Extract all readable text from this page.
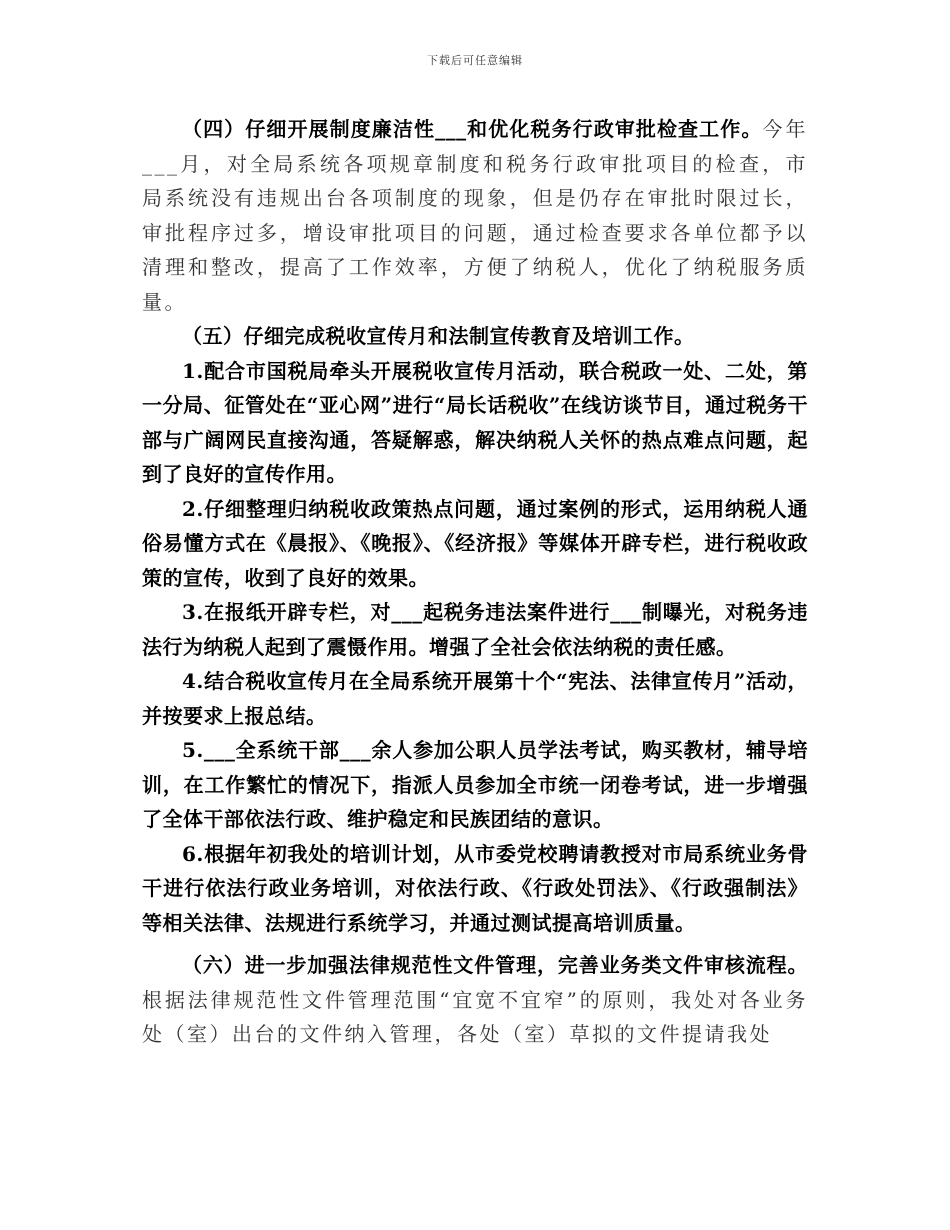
下载后可任意编辑

（四）仔细开展制度廉洁性___和优化税务行政审批检查工作。今年___月，对全局系统各项规章制度和税务行政审批项目的检查，市局系统没有违规出台各项制度的现象，但是仍存在审批时限过长，审批程序过多，增设审批项目的问题，通过检查要求各单位都予以清理和整改，提高了工作效率，方便了纳税人，优化了纳税服务质量。

（五）仔细完成税收宣传月和法制宣传教育及培训工作。

1.配合市国税局牵头开展税收宣传月活动，联合税政一处、二处，第一分局、征管处在“亚心网”进行“局长话税收”在线访谈节目，通过税务干部与广阔网民直接沟通，答疑解惑，解决纳税人关怀的热点难点问题，起到了良好的宣传作用。

2.仔细整理归纳税收政策热点问题，通过案例的形式，运用纳税人通俗易懂方式在《晨报》、《晚报》、《经济报》等媒体开辟专栏，进行税收政策的宣传，收到了良好的效果。

3.在报纸开辟专栏，对___起税务违法案件进行___制曝光，对税务违法行为纳税人起到了震慑作用。增强了全社会依法纳税的责任感。

4.结合税收宣传月在全局系统开展第十个“宪法、法律宣传月”活动，并按要求上报总结。

5.___全系统干部___余人参加公职人员学法考试，购买教材，辅导培训，在工作繁忙的情况下，指派人员参加全市统一闭卷考试，进一步增强了全体干部依法行政、维护稳定和民族团结的意识。

6.根据年初我处的培训计划，从市委党校聘请教授对市局系统业务骨干进行依法行政业务培训，对依法行政、《行政处罚法》、《行政强制法》等相关法律、法规进行系统学习，并通过测试提高培训质量。

（六）进一步加强法律规范性文件管理，完善业务类文件审核流程。根据法律规范性文件管理范围“宜宽不宜窄”的原则，我处对各业务处（室）出台的文件纳入管理，各处（室）草拟的文件提请我处
